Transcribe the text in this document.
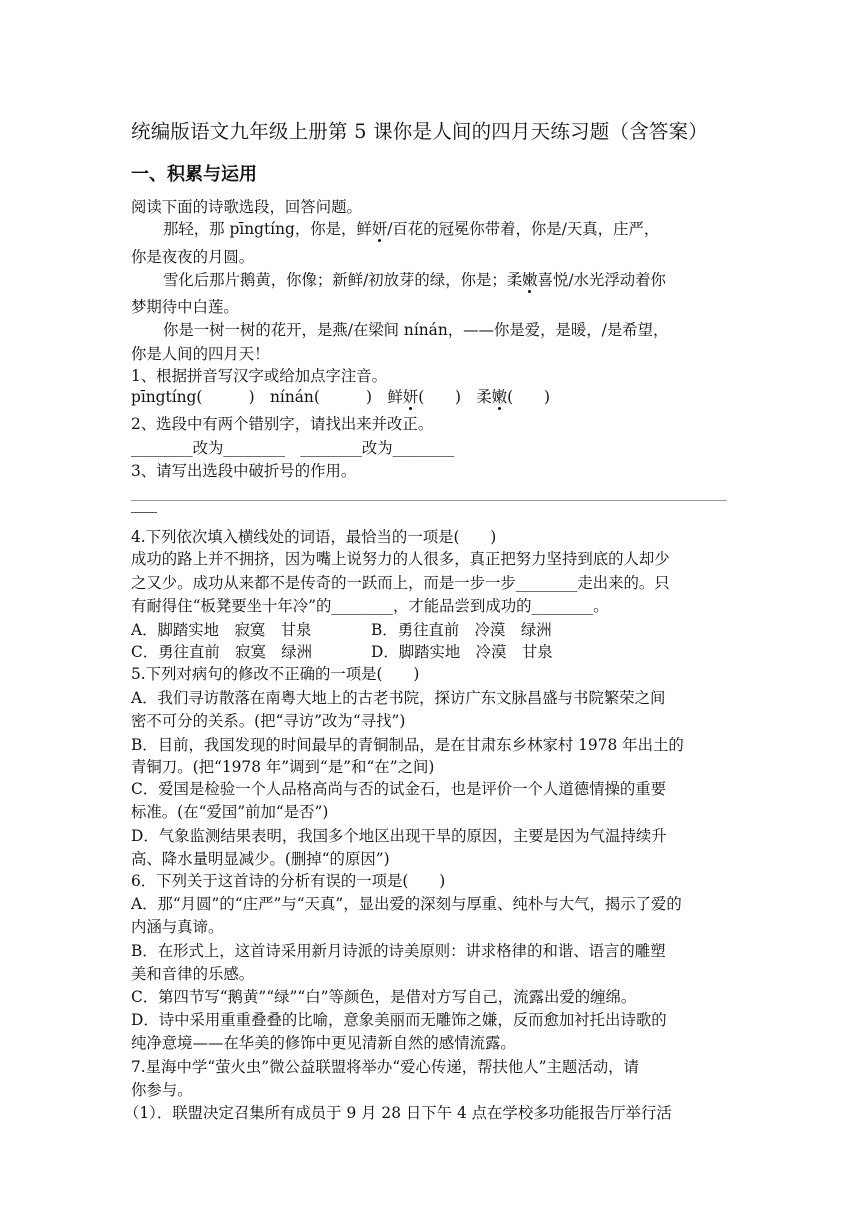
统编版语文九年级上册第 5 课你是人间的四月天练习题（含答案）
一、积累与运用
阅读下面的诗歌选段，回答问题。
那轻，那 pīngtíng，你是，鲜妍/百花的冠冕你带着，你是/天真，庄严，
你是夜夜的月圆。
雪化后那片鹅黄，你像；新鲜/初放芽的绿，你是；柔嫩喜悦/水光浮动着你
梦期待中白莲。
你是一树一树的花开，是燕/在梁间 nínán，——你是爱，是暖，/是希望，
你是人间的四月天！
1、根据拼音写汉字或给加点字注音。
pīngtíng(　　　)　nínán(　　　)　鲜妍(　　)　柔嫩(　　)
2、选段中有两个错别字，请找出来并改正。
________改为________　________改为________
3、请写出选段中破折号的作用。
4.下列依次填入横线处的词语，最恰当的一项是(　　)
成功的路上并不拥挤，因为嘴上说努力的人很多，真正把努力坚持到底的人却少
之又少。成功从来都不是传奇的一跃而上，而是一步一步________走出来的。只
有耐得住“板凳要坐十年冷”的________，才能品尝到成功的________。
A．脚踏实地　寂寞　甘泉	B．勇往直前　冷漠　绿洲
C．勇往直前　寂寞　绿洲	D．脚踏实地　冷漠　甘泉
5.下列对病句的修改不正确的一项是(　　)
A．我们寻访散落在南粤大地上的古老书院，探访广东文脉昌盛与书院繁荣之间
密不可分的关系。(把“寻访”改为“寻找”)
B．目前，我国发现的时间最早的青铜制品，是在甘肃东乡林家村 1978 年出土的
青铜刀。(把“1978 年”调到“是”和“在”之间)
C．爱国是检验一个人品格高尚与否的试金石，也是评价一个人道德情操的重要
标准。(在“爱国”前加“是否”)
D．气象监测结果表明，我国多个地区出现干旱的原因，主要是因为气温持续升
高、降水量明显减少。(删掉“的原因”)
6．下列关于这首诗的分析有误的一项是(　　)
A．那“月圆”的“庄严”与“天真”，显出爱的深刻与厚重、纯朴与大气，揭示了爱的
内涵与真谛。
B．在形式上，这首诗采用新月诗派的诗美原则：讲求格律的和谐、语言的雕塑
美和音律的乐感。
C．第四节写“鹅黄”“绿”“白”等颜色，是借对方写自己，流露出爱的缠绵。
D．诗中采用重重叠叠的比喻，意象美丽而无雕饰之嫌，反而愈加衬托出诗歌的
纯净意境——在华美的修饰中更见清新自然的感情流露。
7.星海中学“萤火虫”微公益联盟将举办“爱心传递，帮扶他人”主题活动，请
你参与。
（1）．联盟决定召集所有成员于 9 月 28 日下午 4 点在学校多功能报告厅举行活
